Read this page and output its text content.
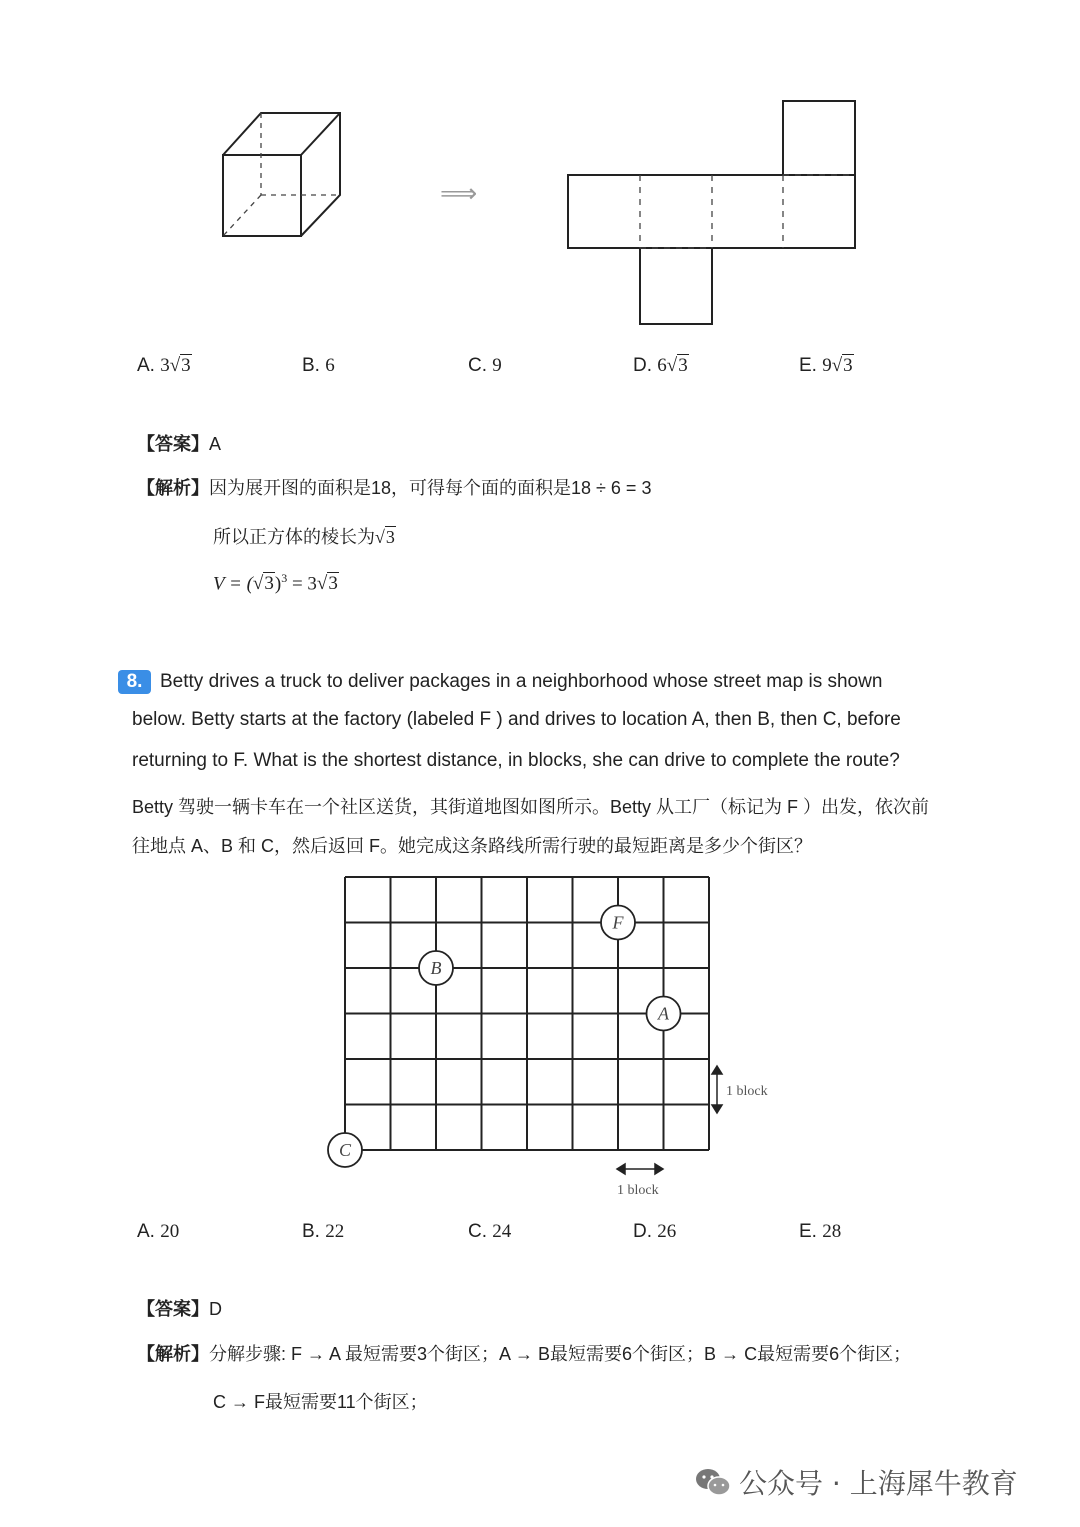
⟹
A. 3√3	B. 6	C. 9	D. 6√3	E. 9√3
【答案】A
【解析】因为展开图的面积是18，可得每个面的面积是18 ÷ 6 = 3
所以正方体的棱长为√3
$V = (√3)^3 = 3√3$
8. Betty drives a truck to deliver packages in a neighborhood whose street map is shown
below. Betty starts at the factory (labeled F ) and drives to location A, then B, then C, before
returning to F. What is the shortest distance, in blocks, she can drive to complete the route?
Betty 驾驶一辆卡车在一个社区送货，其街道地图如图所示。Betty 从工厂（标记为 F ）出发，依次前
往地点 A、B 和 C，然后返回 F。她完成这条路线所需行驶的最短距离是多少个街区？
F
B
A
C
1 block
1 block
A. 20	B. 22	C. 24	D. 26	E. 28
【答案】D
【解析】分解步骤: F → A 最短需要3个街区；A → B最短需要6个街区；B → C最短需要6个街区；
C → F最短需要11个街区；
公众号 · 上海犀牛教育
